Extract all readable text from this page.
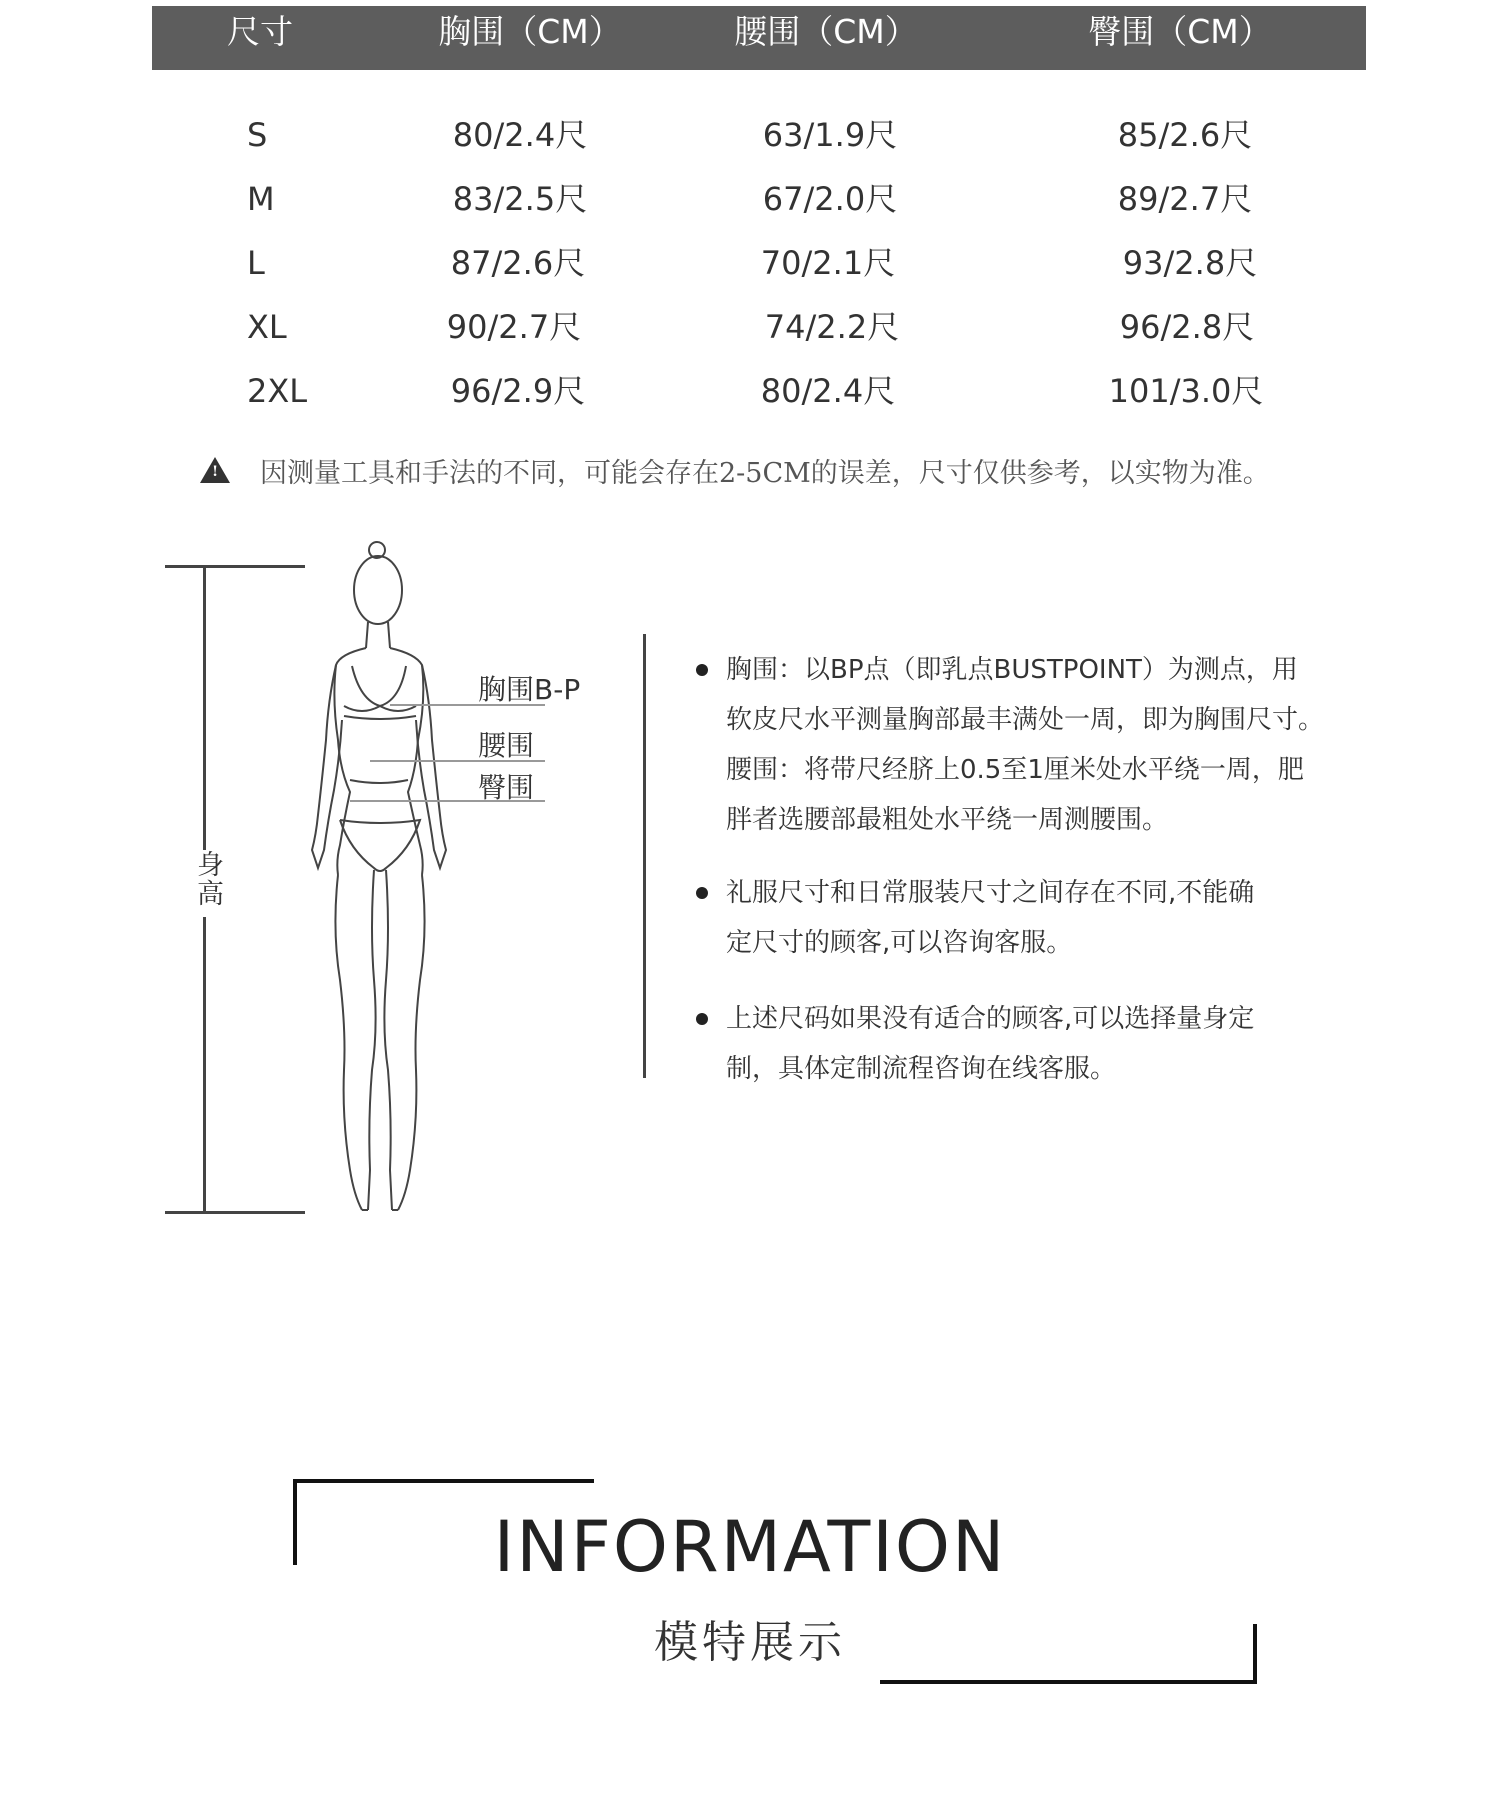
尺寸	胸围（CM）	腰围（CM）	臀围（CM）
S	80/2.4尺	63/1.9尺	85/2.6尺
M	83/2.5尺	67/2.0尺	89/2.7尺
L	87/2.6尺	70/2.1尺	93/2.8尺
XL	90/2.7尺	74/2.2尺	96/2.8尺
2XL	96/2.9尺	80/2.4尺	101/3.0尺
! 因测量工具和手法的不同，可能会存在2-5CM的误差，尺寸仅供参考，以实物为准。
身高
胸围B-P
腰围
臀围

胸围：以BP点（即乳点BUSTPOINT）为测点，用

软皮尺水平测量胸部最丰满处一周，即为胸围尺寸。

腰围：将带尺经脐上0.5至1厘米处水平绕一周，肥

胖者选腰部最粗处水平绕一周测腰围。

礼服尺寸和日常服装尺寸之间存在不同,不能确

定尺寸的顾客,可以咨询客服。

上述尺码如果没有适合的顾客,可以选择量身定

制，具体定制流程咨询在线客服。

INFORMATION
模特展示
